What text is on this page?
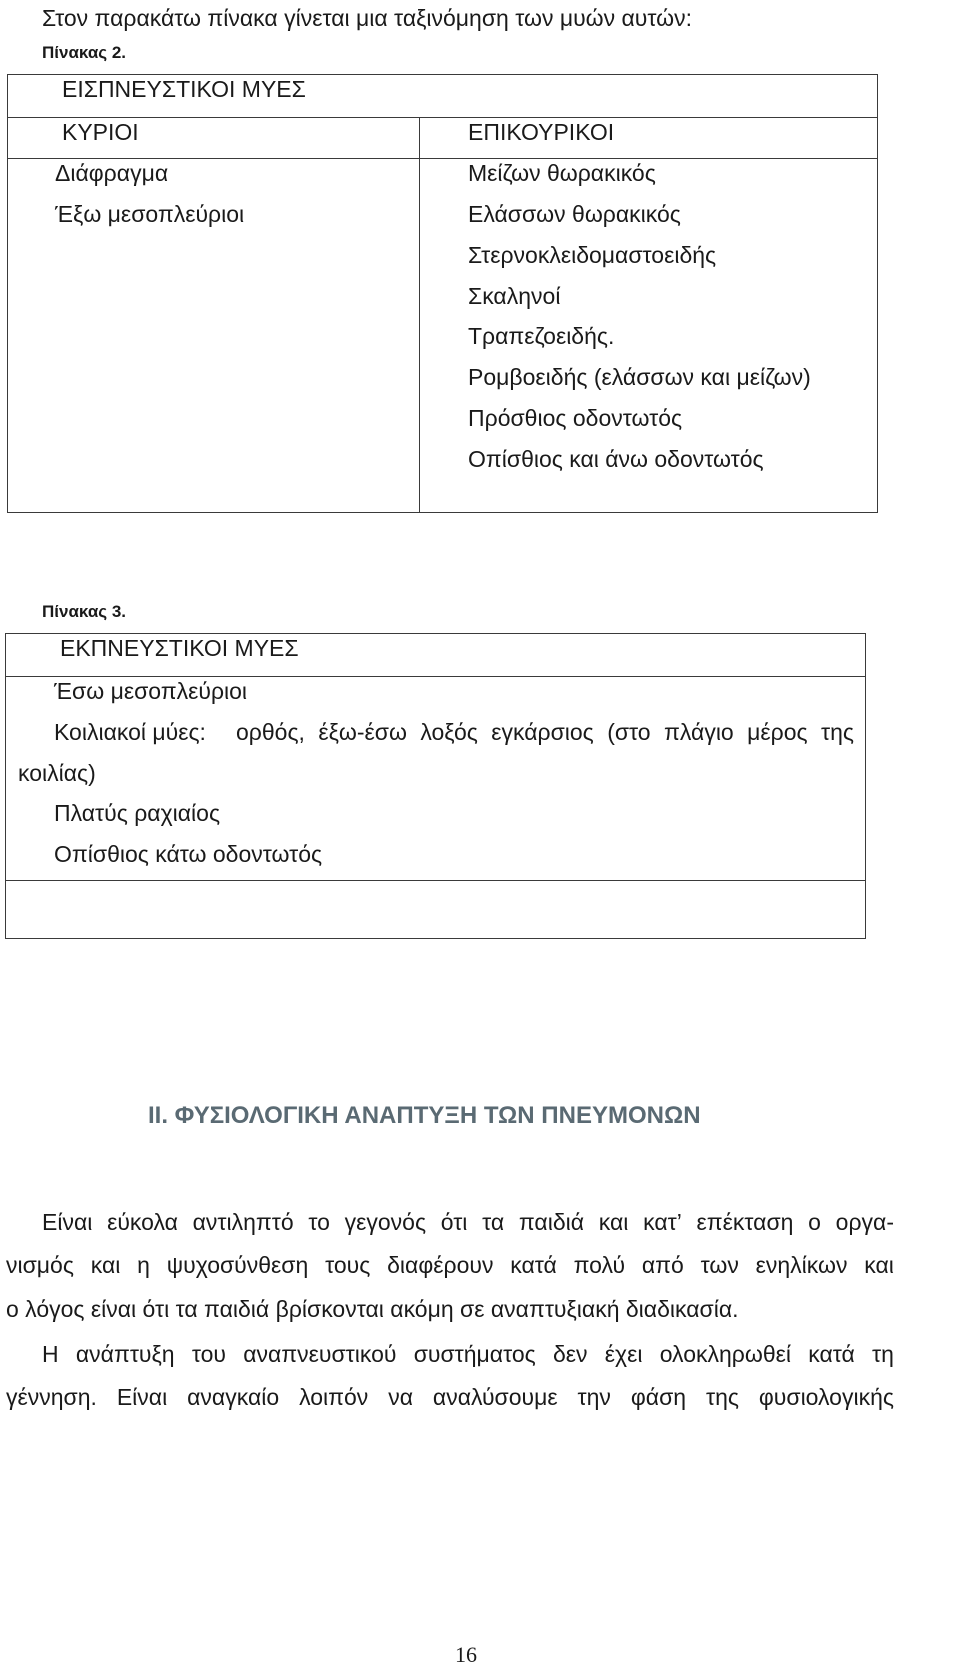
Στον παρακάτω πίνακα γίνεται μια ταξινόμηση των μυών αυτών:
Πίνακας 2.
ΕΙΣΠΝΕΥΣΤΙΚΟΙ ΜΥΕΣ
ΚΥΡΙΟΙ	ΕΠΙΚΟΥΡΙΚΟΙ
Διάφραγμα
Έξω μεσοπλεύριοι
Μείζων θωρακικός
Ελάσσων θωρακικός
Στερνοκλειδομαστοειδής
Σκαληνοί
Τραπεζοειδής.
Ρομβοειδής (ελάσσων και μείζων)
Πρόσθιος οδοντωτός
Οπίσθιος και άνω οδοντωτός
Πίνακας 3.
ΕΚΠΝΕΥΣΤΙΚΟΙ ΜΥΕΣ
Έσω μεσοπλεύριοι
Κοιλιακοί μύες: ορθός, έξω-έσω λοξός εγκάρσιος (στο πλάγιο μέρος της
κοιλίας)
Πλατύς ραχιαίος
Οπίσθιος κάτω οδοντωτός
II. ΦΥΣΙΟΛΟΓΙΚΗ ΑΝΑΠΤΥΞΗ ΤΩΝ ΠΝΕΥΜΟΝΩΝ
Είναι εύκολα αντιληπτό το γεγονός ότι τα παιδιά και κατ’ επέκταση ο οργα-
νισμός και η ψυχοσύνθεση τους διαφέρουν κατά πολύ από των ενηλίκων και
ο λόγος είναι ότι τα παιδιά βρίσκονται ακόμη σε αναπτυξιακή διαδικασία.
Η ανάπτυξη του αναπνευστικού συστήματος δεν έχει ολοκληρωθεί κατά τη
γέννηση. Είναι αναγκαίο λοιπόν να αναλύσουμε την φάση της φυσιολογικής
16
